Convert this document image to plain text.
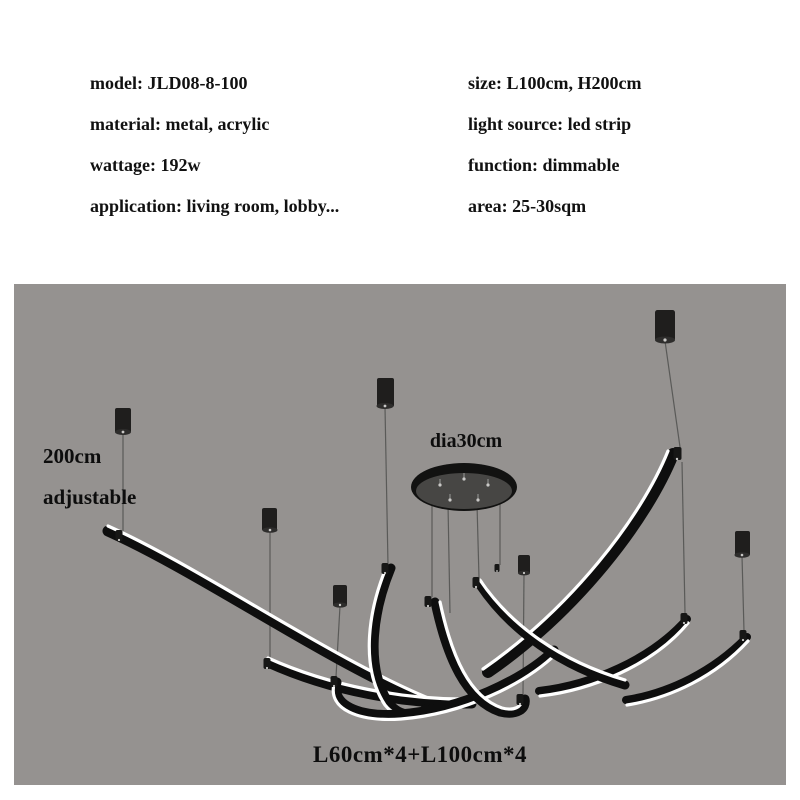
model: JLD08-8-100
material: metal, acrylic
wattage: 192w
application: living room, lobby...
size: L100cm, H200cm
light source: led strip
function: dimmable
area: 25-30sqm
200cm
adjustable
dia30cm
L60cm*4+L100cm*4
